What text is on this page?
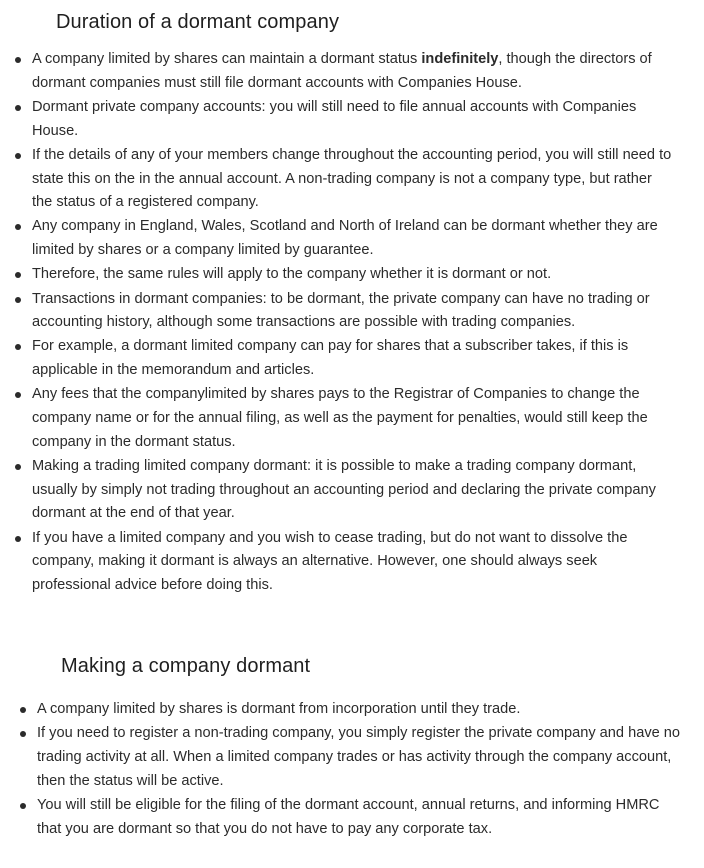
Duration of a dormant company
A company limited by shares can maintain a dormant status indefinitely, though the directors of dormant companies must still file dormant accounts with Companies House.
Dormant private company accounts: you will still need to file annual accounts with Companies House.
If the details of any of your members change throughout the accounting period, you will still need to state this on the in the annual account. A non-trading company is not a company type, but rather the status of a registered company.
Any company in England, Wales, Scotland and North of Ireland can be dormant whether they are limited by shares or a company limited by guarantee.
Therefore, the same rules will apply to the company whether it is dormant or not.
Transactions in dormant companies: to be dormant, the private company can have no trading or accounting history, although some transactions are possible with trading companies.
For example, a dormant limited company can pay for shares that a subscriber takes, if this is applicable in the memorandum and articles.
Any fees that the companylimited by shares pays to the Registrar of Companies to change the company name or for the annual filing, as well as the payment for penalties, would still keep the company in the dormant status.
Making a trading limited company dormant: it is possible to make a trading company dormant, usually by simply not trading throughout an accounting period and declaring the private company dormant at the end of that year.
If you have a limited company and you wish to cease trading, but do not want to dissolve the company, making it dormant is always an alternative. However, one should always seek professional advice before doing this.
Making a company dormant
A company limited by shares is dormant from incorporation until they trade.
If you need to register a non-trading company, you simply register the private company and have no trading activity at all. When a limited company trades or has activity through the company account, then the status will be active.
You will still be eligible for the filing of the dormant account, annual returns, and informing HMRC that you are dormant so that you do not have to pay any corporate tax.
